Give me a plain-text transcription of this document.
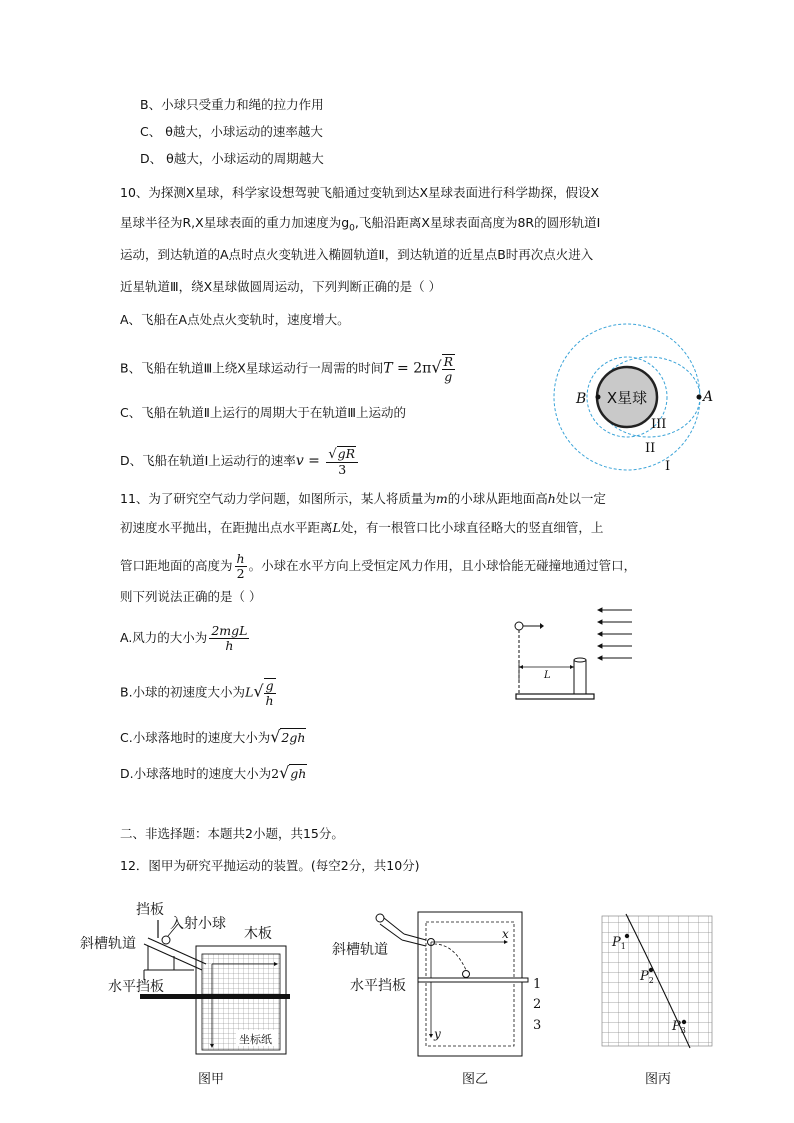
B、小球只受重力和绳的拉力作用
C、 θ越大，小球运动的速率越大
D、 θ越大，小球运动的周期越大
10、为探测X星球，科学家设想驾驶飞船通过变轨到达X星球表面进行科学勘探，假设X
星球半径为R,X星球表面的重力加速度为$g_0$,飞船沿距离X星球表面高度为8R的圆形轨道Ⅰ
运动，到达轨道的A点时点火变轨进入椭圆轨道Ⅱ，到达轨道的近星点B时再次点火进入
近星轨道Ⅲ，绕X星球做圆周运动，下列判断正确的是（ ）
A、飞船在A点处点火变轨时，速度增大。
B、飞船在轨道Ⅲ上绕X星球运动行一周需的时间$T = 2\pi√ \frac{R}{g}$
C、飞船在轨道Ⅱ上运行的周期大于在轨道Ⅲ上运动的
D、飞船在轨道Ⅰ上运动行的速率$v = \frac{√gR}{3}$
X星球
B	A
III
II
I
11、为了研究空气动力学问题，如图所示，某人将质量为m的小球从距地面高h处以一定
初速度水平抛出，在距抛出点水平距离L处，有一根管口比小球直径略大的竖直细管，上
管口距地面的高度为 $\frac{h}{2}$ 。小球在水平方向上受恒定风力作用，且小球恰能无碰撞地通过管口，
则下列说法正确的是（ ）
A.风力的大小为 $\frac{\text{2mgL}}{h}$
B.小球的初速度大小为$L√ \frac{g}{h}$
C.小球落地时的速度大小为√2gh
D.小球落地时的速度大小为2√gh
L
二、非选择题：本题共2小题，共15分。
12．图甲为研究平抛运动的装置。(每空2分，共10分)
坐标纸
挡板
入射小球
斜槽轨道
木板
水平挡板
图甲
x
y
斜槽轨道
水平挡板	1
2
3
图乙
$P_1$
$P_2$
$P_3$
图丙
